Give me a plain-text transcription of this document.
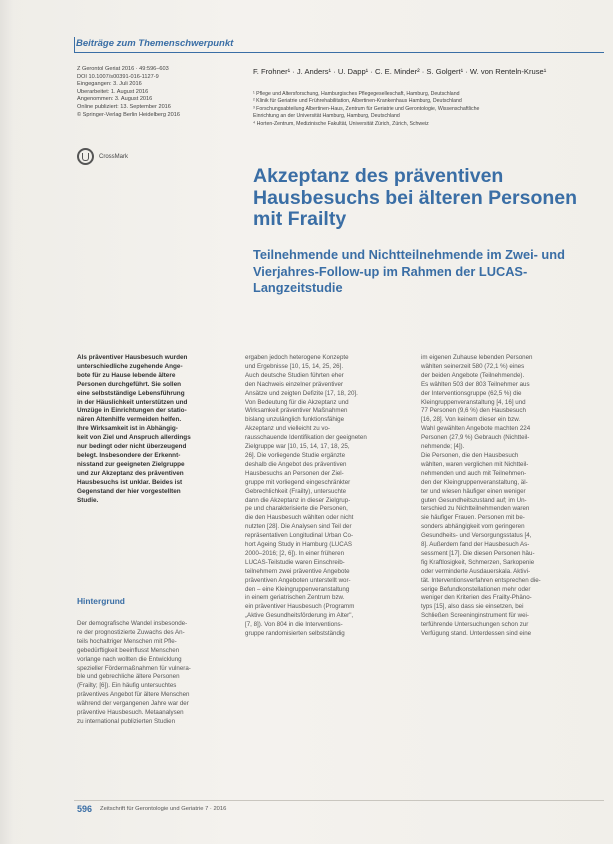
Beiträge zum Themenschwerpunkt
Z Gerontol Geriat 2016 · 49:596–603
DOI 10.1007/s00391-016-1127-9
Eingegangen: 3. Juli 2016
Überarbeitet: 1. August 2016
Angenommen: 3. August 2016
Online publiziert: 13. September 2016
© Springer-Verlag Berlin Heidelberg 2016
CrossMark
F. Frohner¹ · J. Anders¹ · U. Dapp¹ · C. E. Minder² · S. Golgert¹ · W. von Renteln-Kruse¹
¹ Pflege und Altersforschung, Hamburgisches Pflegegeselleschaft, Hamburg, Deutschland
² Klinik für Geriatrie und Frührehabilitation, Albertinen-Krankenhaus Hamburg, Deutschland
³ Forschungsabteilung Albertinen-Haus, Zentrum für Geriatrie und Gerontologie, Wissenschaftliche
Einrichtung an der Universität Hamburg, Hamburg, Deutschland
⁴ Horten-Zentrum, Medizinische Fakultät, Universität Zürich, Zürich, Schweiz
Akzeptanz des präventiven Hausbesuchs bei älteren Personen mit Frailty
Teilnehmende und Nichtteilnehmende im Zwei- und Vierjahres-Follow-up im Rahmen der LUCAS-Langzeitstudie
Als präventiver Hausbesuch wurden
unterschiedliche zugehende Ange-
bote für zu Hause lebende ältere
Personen durchgeführt. Sie sollen
eine selbstständige Lebensführung
in der Häuslichkeit unterstützen und
Umzüge in Einrichtungen der statio-
nären Altenhilfe vermeiden helfen.
Ihre Wirksamkeit ist in Abhängig-
keit von Ziel und Anspruch allerdings
nur bedingt oder nicht überzeugend
belegt. Insbesondere der Erkennt-
nisstand zur geeigneten Zielgruppe
und zur Akzeptanz des präventiven
Hausbesuchs ist unklar. Beides ist
Gegenstand der hier vorgestellten
Studie.
Hintergrund
Der demografische Wandel insbesonde-
re der prognostizierte Zuwachs des An-
teils hochaltriger Menschen mit Pfle-
gebedürftigkeit beeinflusst Menschen
vorlange nach wollten die Entwicklung
spezieller Fördermaßnahmen für vulnera-
ble und gebrechliche ältere Personen
(Frailty; [6]). Ein häufig untersuchtes
präventives Angebot für ältere Menschen
während der vergangenen Jahre war der
präventive Hausbesuch. Metaanalysen
zu international publizierten Studien
ergaben jedoch heterogene Konzepte
und Ergebnisse [10, 15, 14, 25, 26].
Auch deutsche Studien führten eher
den Nachweis einzelner präventiver
Ansätze und zeigten Defizite [17, 18, 20].
Von Bedeutung für die Akzeptanz und
Wirksamkeit präventiver Maßnahmen
bislang unzulänglich funktionsfähige
Akzeptanz und vielleicht zu vo-
rausschauende Identifikation der geeigneten
Zielgruppe war [10, 15, 14, 17, 18, 25,
26]. Die vorliegende Studie ergänzte
deshalb die Angebot des präventiven
Hausbesuchs an Personen der Ziel-
gruppe mit vorliegend eingeschränkter
Gebrechlichkeit (Frailty), untersuchte
dann die Akzeptanz in dieser Zielgrup-
pe und charakterisierte die Personen,
die den Hausbesuch wählten oder nicht
nutzten [28]. Die Analysen sind Teil der
repräsentativen Longitudinal Urban Co-
hort Ageing Study in Hamburg (LUCAS
2000–2016; [2, 6]). In einer früheren
LUCAS-Teilstudie waren Einschreib-
teilnehmern zwei präventive Angebote
präventiven Angeboten unterstellt wor-
den – eine Kleingruppenveranstaltung
in einem geriatrischen Zentrum bzw.
ein präventiver Hausbesuch (Programm
„Aktive Gesundheitsförderung im Alter",
[7, 8]). Von 804 in die Interventions-
gruppe randomisierten selbstständig
im eigenen Zuhause lebenden Personen
wählten seinerzeit 580 (72,1 %) eines
der beiden Angebote (Teilnehmende).
Es wählten 503 der 803 Teilnehmer aus
der Interventionsgruppe (62,5 %) die
Kleingruppenveranstaltung [4, 16] und
77 Personen (9,6 %) den Hausbesuch
[16, 28]. Von keinem dieser ein bzw.
Wahl gewählten Angebote machten 224
Personen (27,9 %) Gebrauch (Nichtteil-
nehmende; [4]).
Die Personen, die den Hausbesuch
wählten, waren verglichen mit Nichtteil-
nehmenden und auch mit Teilnehmen-
den der Kleingruppenveranstaltung, äl-
ter und wiesen häufiger einen weniger
guten Gesundheitszustand auf; im Un-
terschied zu Nichtteilnehmenden waren
sie häufiger Frauen. Personen mit be-
sonders abhängigkeit vom geringeren
Gesundheits- und Versorgungsstatus [4,
8]. Außerdem fand der Hausbesuch As-
sessment [17]. Die diesen Personen häu-
fig Kraftlosigkeit, Schmerzen, Sarkopenie
oder verminderte Ausdauerskala. Aktivi-
tät. Interventionsverfahren entsprechen die-
serige Befundkonstellationen mehr oder
weniger den Kriterien des Frailty-Phäno-
typs [15], also dass sie einsetzen, bei
Schließen Screeninginstrument für wei-
terführende Untersuchungen schon zur
Verfügung stand. Unterdessen sind eine
596 Zeitschrift für Gerontologie und Geriatrie 7 · 2016
